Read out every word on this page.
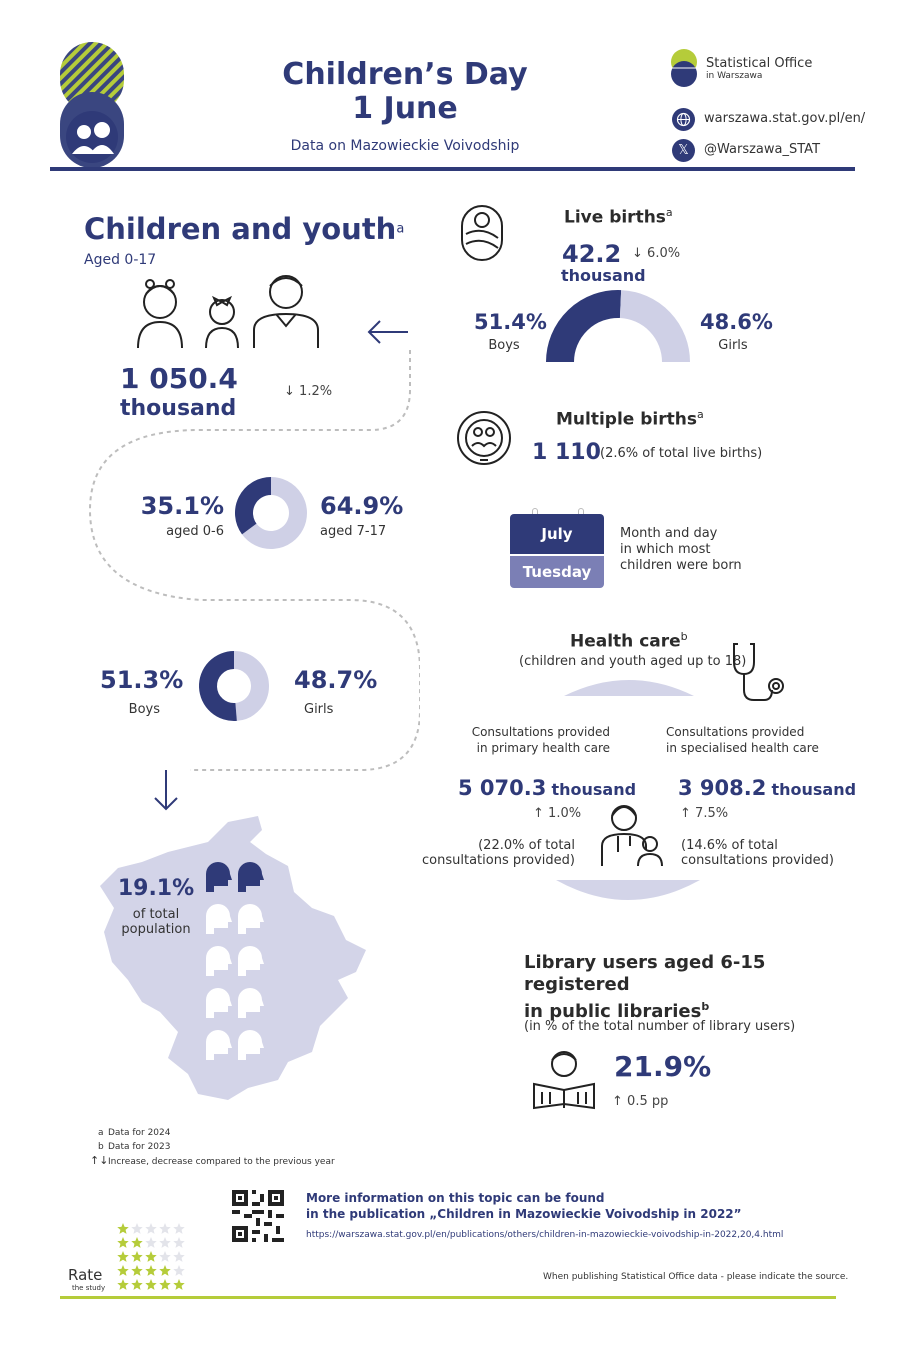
Children’s Day
1 June
Data on Mazowieckie Voivodship
Statistical Office
in Warszawa
warszawa.stat.gov.pl/en/
𝕏	@Warszawa_STAT
Children and youth$^a$
Aged 0-17
1 050.4
thousand
↓ 1.2%
35.1%
aged 0-6
64.9%
aged 7-17
51.3%
Boys
48.7%
Girls
19.1%
of total
population
Live births$^a$
42.2
thousand
↓ 6.0%
51.4%
Boys
48.6%
Girls
Multiple births$^a$
1 110 (2.6% of total live births)
July
Tuesday
Month and day
in which most
children were born
Health care$^b$
(children and youth aged up to 18)
Consultations provided
in primary health care
Consultations provided
in specialised health care
5 070.3 thousand
↑ 1.0%
3 908.2 thousand
↑ 7.5%
(22.0% of total
consultations provided)
(14.6% of total
consultations provided)
Library users aged 6-15
registered
in public libraries$^b$
(in % of the total number of library users)
21.9%
↑ 0.5 pp
a Data for 2024
b Data for 2023
↑↓Increase, decrease compared to the previous year
More information on this topic can be found
in the publication „Children in Mazowieckie Voivodship in 2022”
https://warszawa.stat.gov.pl/en/publications/others/children-in-mazowieckie-voivodship-in-2022,20,4.html
Rate
the study
When publishing Statistical Office data - please indicate the source.
